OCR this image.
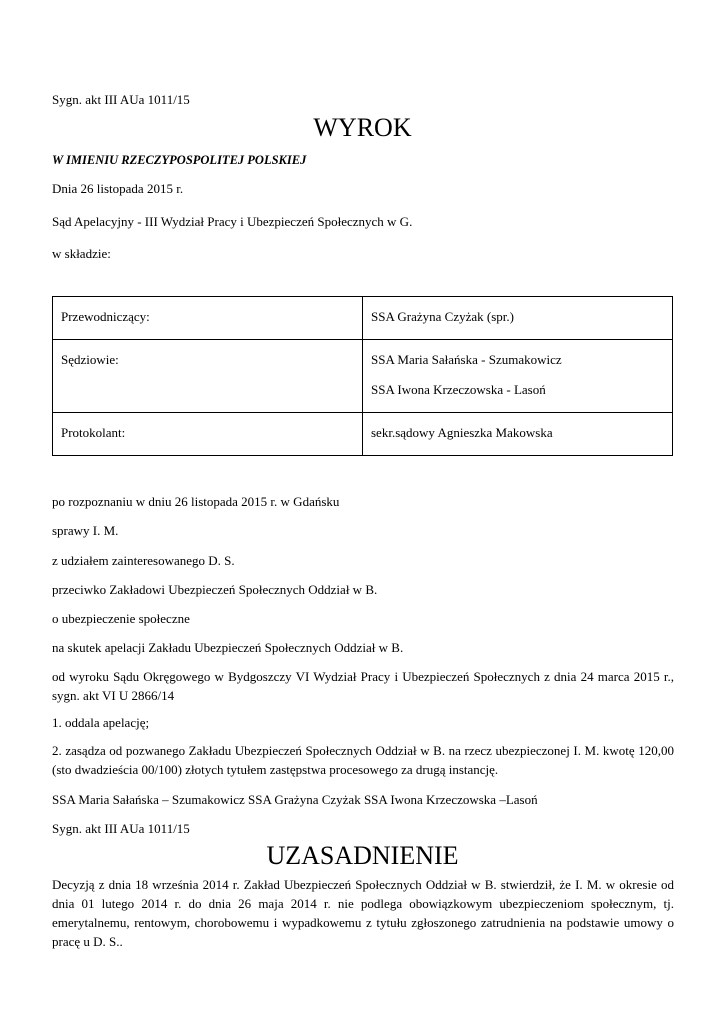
Sygn. akt III AUa 1011/15

WYROK

W IMIENIU RZECZYPOSPOLITEJ POLSKIEJ

Dnia 26 listopada 2015 r.

Sąd Apelacyjny - III Wydział Pracy i Ubezpieczeń Społecznych w G.

w składzie:

Przewodniczący:	SSA Grażyna Czyżak (spr.)

Sędziowie:	SSA Maria Sałańska - Szumakowicz
SSA Iwona Krzeczowska - Lasoń

Protokolant:	sekr.sądowy Agnieszka Makowska

po rozpoznaniu w dniu 26 listopada 2015 r. w Gdańsku

sprawy I. M.

z udziałem zainteresowanego D. S.

przeciwko Zakładowi Ubezpieczeń Społecznych Oddział w B.

o ubezpieczenie społeczne

na skutek apelacji Zakładu Ubezpieczeń Społecznych Oddział w B.

od wyroku Sądu Okręgowego w Bydgoszczy VI Wydział Pracy i Ubezpieczeń Społecznych z dnia 24 marca 2015 r., sygn. akt VI U 2866/14

1. oddala apelację;

2. zasądza od pozwanego Zakładu Ubezpieczeń Społecznych Oddział w B. na rzecz ubezpieczonej I. M. kwotę 120,00 (sto dwadzieścia 00/100) złotych tytułem zastępstwa procesowego za drugą instancję.

SSA Maria Sałańska – Szumakowicz SSA Grażyna Czyżak SSA Iwona Krzeczowska –Lasoń

Sygn. akt III AUa 1011/15

UZASADNIENIE

Decyzją z dnia 18 września 2014 r. Zakład Ubezpieczeń Społecznych Oddział w B. stwierdził, że I. M. w okresie od dnia 01 lutego 2014 r. do dnia 26 maja 2014 r. nie podlega obowiązkowym ubezpieczeniom społecznym, tj. emerytalnemu, rentowym, chorobowemu i wypadkowemu z tytułu zgłoszonego zatrudnienia na podstawie umowy o pracę u D. S..
